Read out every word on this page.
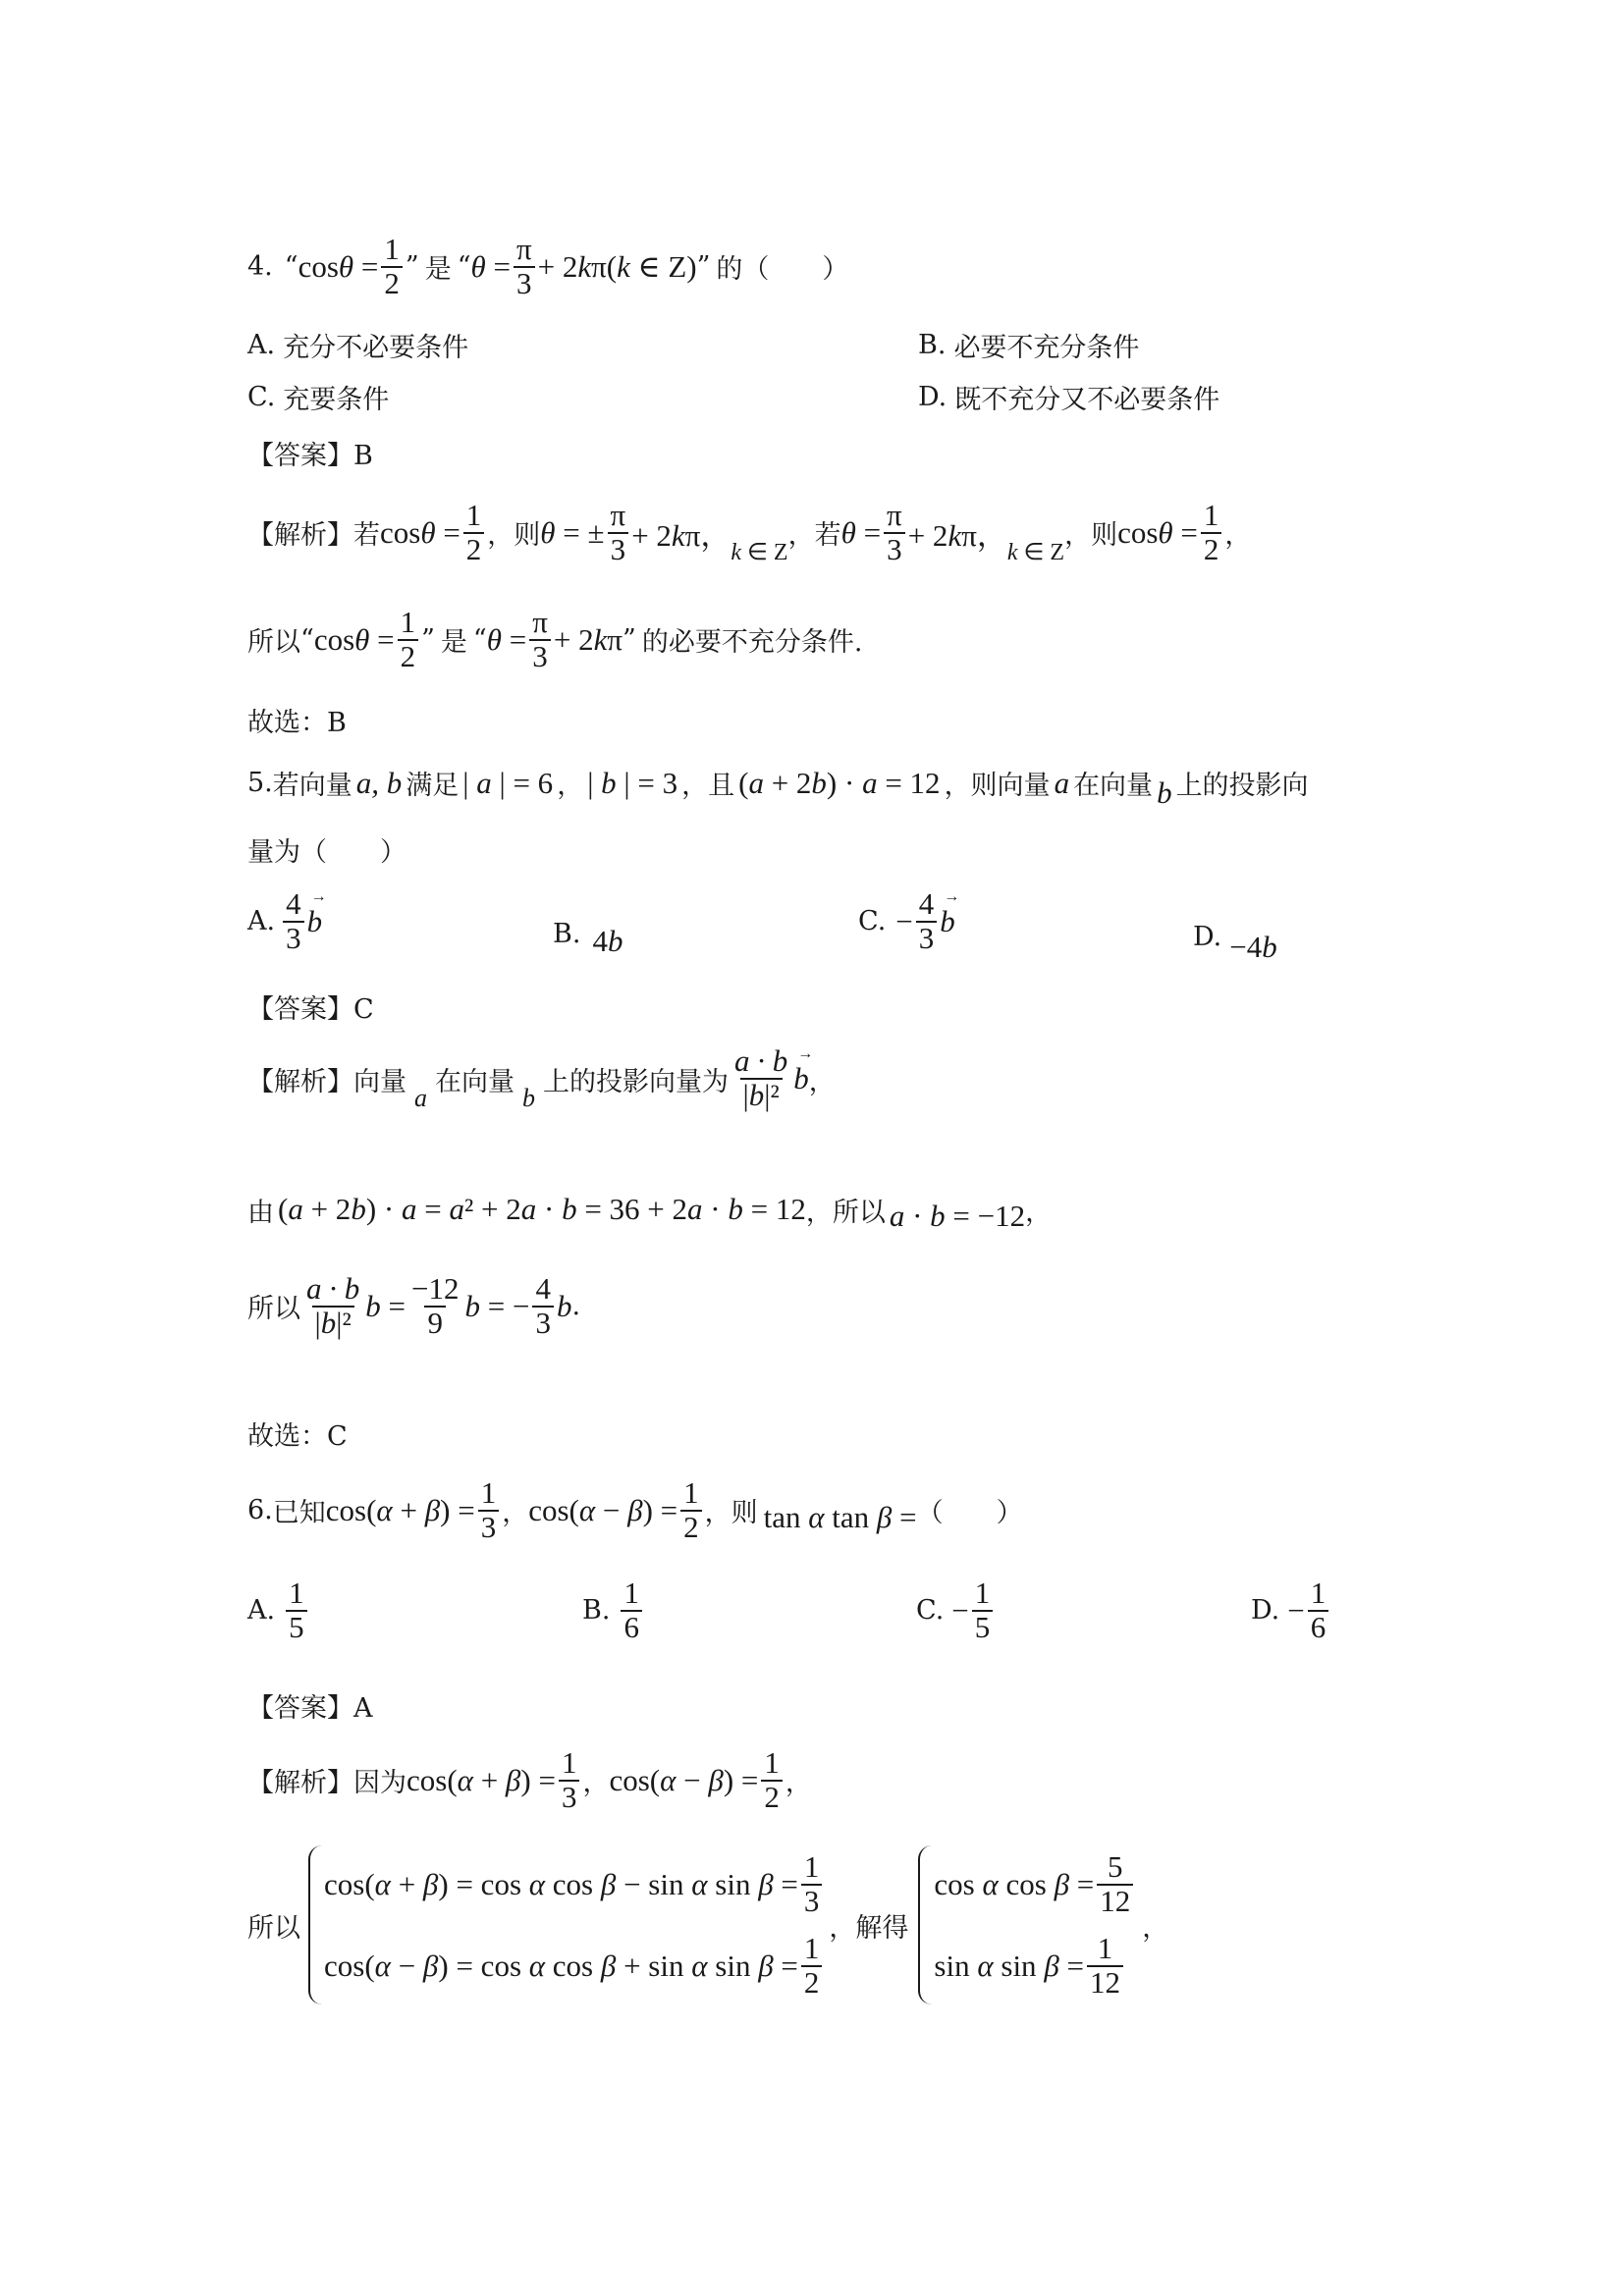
4. “ $\cos\theta = \frac{1}{2}$ ” 是 “ $\theta = \frac{\pi}{3} + 2k\pi(k$ ∈ Z) ” 的（　　）
A. 充分不必要条件	B. 必要不充分条件
C. 充要条件	D. 既不充分又不必要条件
【答案】B
【解析】 若 $\cos\theta = \frac{1}{2}$ ，则 θ = ± $\frac{\pi}{3} + 2k\pi$， k ∈ Z
，若 $\theta = \frac{\pi}{3} + 2k\pi$， k ∈ Z
，则 $\cos\theta = \frac{1}{2}$ ，
所以 “ $\cos\theta = \frac{1}{2}$ ” 是 “ $\theta = \frac{\pi}{3} + 2k\pi$ ” 的必要不充分条件.
故选：B
5. 若向量 a, b 满足 | a | = 6 ， | b | = 3 ，且 (a + 2b) · a = 12 ，则向量 a 在向量 b 上的投影向
量为（　　）
A. $\frac{4}{3}$
→ b	B. 4b
C. − $\frac{4}{3}$
→ b	D. −4b
【答案】C
【解析】 向量
a
在向量
b
上的投影向量为 $\frac{a \cdot b}{\text{|b|²}}$
→ b ，
由 (a + 2b) · a = a² + 2a · b = 36 + 2a · b = 12 ，所以 a · b = −12 ，
所以 $\frac{a \cdot b}{\text{|b|²}}$ $b = \frac{-12}{9}$ b = − $\frac{4}{3}$ b .
故选：C
6. 已知 $\cos(\alpha + \beta) = \frac{1}{3}$ ， $\cos(\alpha - \beta) = \frac{1}{2}$ ，则 tan α tan β = （　　）
A. $\frac{1}{5}$	B. $\frac{1}{6}$	C. − $\frac{1}{5}$	D. − $\frac{1}{6}$
【答案】A
【解析】 因为 $\cos(\alpha + \beta) = \frac{1}{3}$ ， $\cos(\alpha - \beta) = \frac{1}{2}$ ，
所以
cos(α + β) = cos α cos β − sin α $\sin \beta = \frac{1}{3}$
cos(α − β) = cos α cos β + sin α $\sin \beta = \frac{1}{2}$
，解得
cos α $\cos \beta = \frac{5}{12}$
sin α $\sin \beta = \frac{1}{12}$
，
